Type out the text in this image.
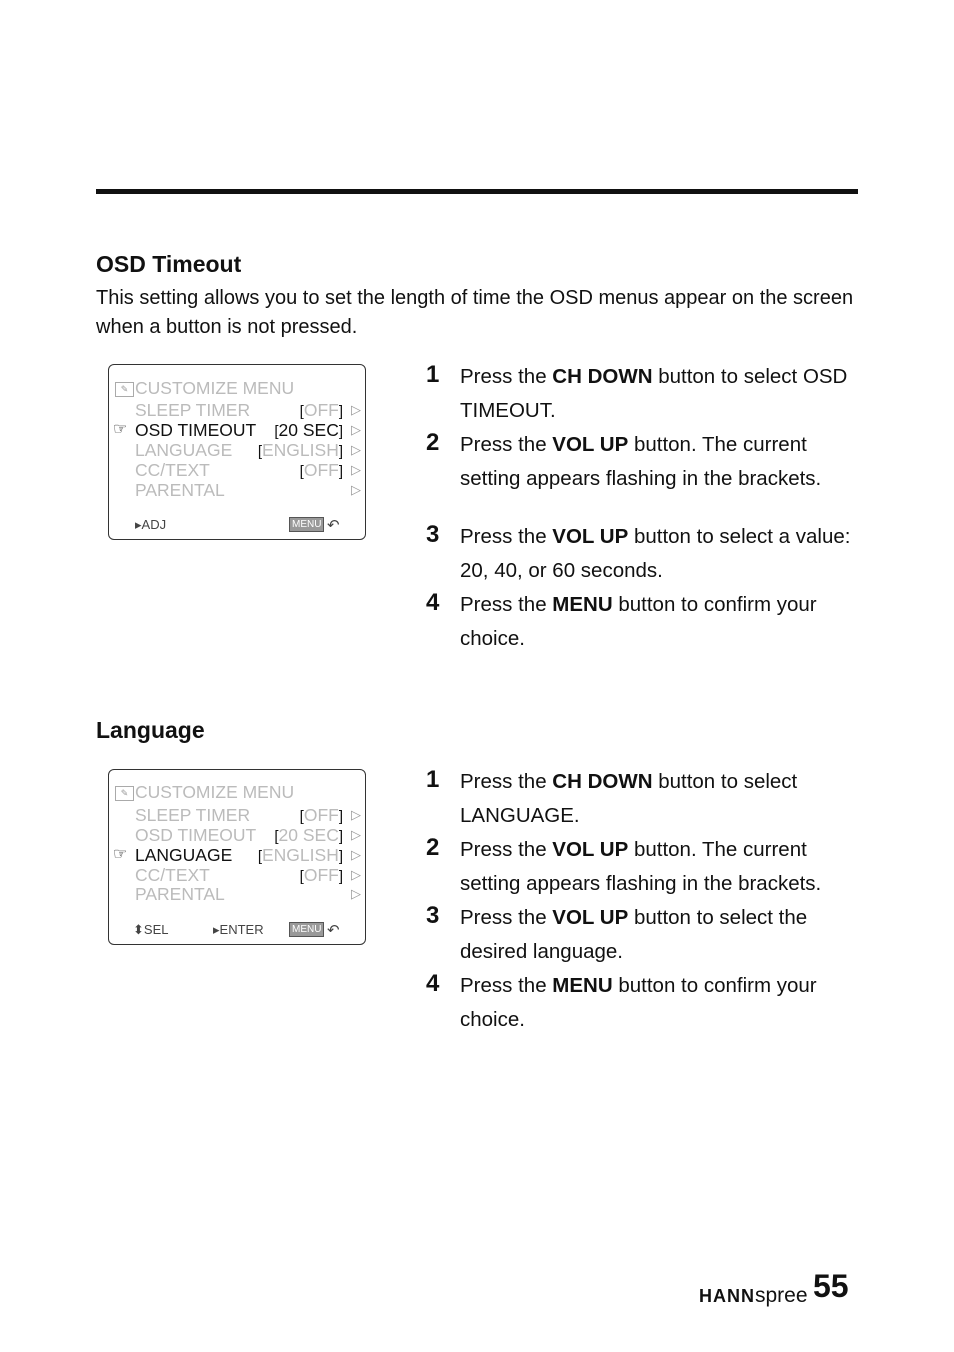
OSD Timeout

This setting allows you to set the length of time the OSD menus appear on the screen when a button is not pressed.

✎ CUSTOMIZE MENU
SLEEP TIMER	[OFF] ▷
☞ OSD TIMEOUT [20 SEC] ▷
LANGUAGE [ENGLISH] ▷
CC/TEXT	[OFF] ▷
PARENTAL	▷
▸ADJ	MENU ↶
1 Press the CH DOWN button to select OSD TIMEOUT.
2 Press the VOL UP button. The current setting appears flashing in the brackets.
3 Press the VOL UP button to select a value: 20, 40, or 60 seconds.
4 Press the MENU button to confirm your choice.
Language
✎ CUSTOMIZE MENU
SLEEP TIMER	[OFF] ▷
OSD TIMEOUT [20 SEC] ▷
☞ LANGUAGE [ENGLISH] ▷
CC/TEXT	[OFF] ▷
PARENTAL	▷
⬍SEL	▸ENTER	MENU ↶
1 Press the CH DOWN button to select LANGUAGE.
2 Press the VOL UP button. The current setting appears flashing in the brackets.
3 Press the VOL UP button to select the desired language.
4 Press the MENU button to confirm your choice.
HANNspree 55
